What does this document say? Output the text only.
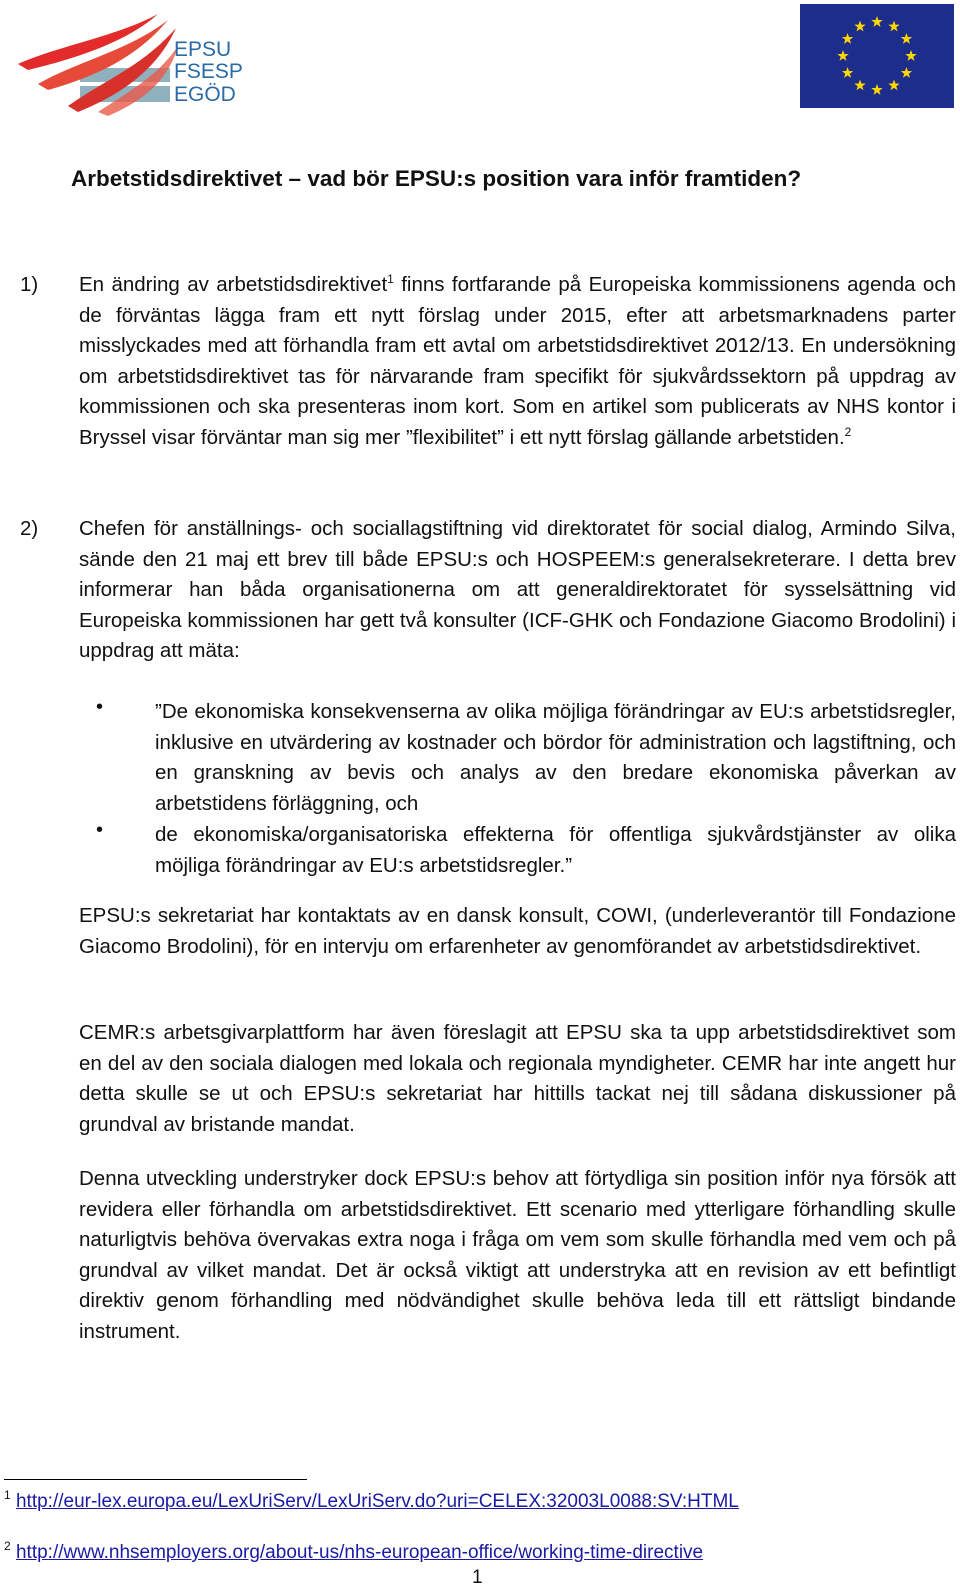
EPSU
FSESP
EGÖD
Arbetstidsdirektivet – vad bör EPSU:s position vara inför framtiden?
1) En ändring av arbetstidsdirektivet$^1$ finns fortfarande på Europeiska kommissionens agenda och de förväntas lägga fram ett nytt förslag under 2015, efter att arbetsmarknadens parter misslyckades med att förhandla fram ett avtal om arbetstidsdirektivet 2012/13. En undersökning om arbetstidsdirektivet tas för närvarande fram specifikt för sjukvårdssektorn på uppdrag av kommissionen och ska presenteras inom kort. Som en artikel som publicerats av NHS kontor i Bryssel visar förväntar man sig mer ”flexibilitet” i ett nytt förslag gällande arbetstiden.$^2$

2) Chefen för anställnings- och sociallagstiftning vid direktoratet för social dialog, Armindo Silva, sände den 21 maj ett brev till både EPSU:s och HOSPEEM:s generalsekreterare. I detta brev informerar han båda organisationerna om att generaldirektoratet för sysselsättning vid Europeiska kommissionen har gett två konsulter (ICF-GHK och Fondazione Giacomo Brodolini) i uppdrag att mäta:

•	”De ekonomiska konsekvenserna av olika möjliga förändringar av EU:s arbetstidsregler, inklusive en utvärdering av kostnader och bördor för administration och lagstiftning, och en granskning av bevis och analys av den bredare ekonomiska påverkan av arbetstidens förläggning, och

•	de ekonomiska/organisatoriska effekterna för offentliga sjukvårdstjänster av olika möjliga förändringar av EU:s arbetstidsregler.”

EPSU:s sekretariat har kontaktats av en dansk konsult, COWI, (underleverantör till Fondazione Giacomo Brodolini), för en intervju om erfarenheter av genomförandet av arbetstidsdirektivet.

CEMR:s arbetsgivarplattform har även föreslagit att EPSU ska ta upp arbetstidsdirektivet som en del av den sociala dialogen med lokala och regionala myndigheter. CEMR har inte angett hur detta skulle se ut och EPSU:s sekretariat har hittills tackat nej till sådana diskussioner på grundval av bristande mandat.

Denna utveckling understryker dock EPSU:s behov att förtydliga sin position inför nya försök att revidera eller förhandla om arbetstidsdirektivet. Ett scenario med ytterligare förhandling skulle naturligtvis behöva övervakas extra noga i fråga om vem som skulle förhandla med vem och på grundval av vilket mandat. Det är också viktigt att understryka att en revision av ett befintligt direktiv genom förhandling med nödvändighet skulle behöva leda till ett rättsligt bindande instrument.

$^1$ http://eur-lex.europa.eu/LexUriServ/LexUriServ.do?uri=CELEX:32003L0088:SV:HTML
$^2$ http://www.nhsemployers.org/about-us/nhs-european-office/working-time-directive
1
